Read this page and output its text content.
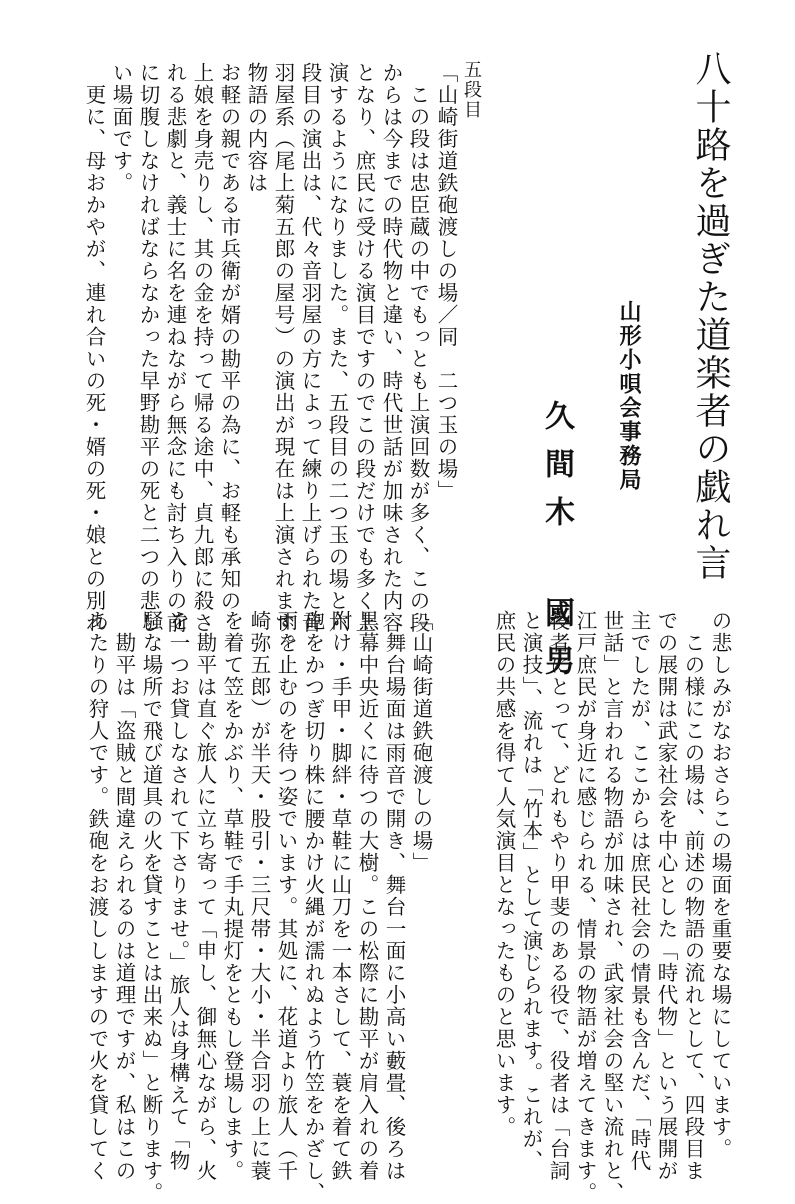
八十路を過ぎた道楽者の戯れ言
山形小唄会事務局
久間木 國男
五段目
「山崎街道鉄砲渡しの場／同　二つ玉の場」
　この段は忠臣蔵の中でもっとも上演回数が多く、この段
からは今までの時代物と違い、時代世話が加味された内容
となり、庶民に受ける演目ですのでこの段だけでも多く上
演するようになりました。また、五段目の二つ玉の場と六
段目の演出は、代々音羽屋の方によって練り上げられた音
羽屋系（尾上菊五郎の屋号）の演出が現在は上演されます。
物語の内容は
お軽の親である市兵衛が婿の勘平の為に、お軽も承知の
上娘を身売りし、其の金を持って帰る途中、貞九郎に殺さ
れる悲劇と、義士に名を連ねながら無念にも討ち入りの前
に切腹しなければならなかった早野勘平の死と二つの悲し
い場面です。
　更に、母おかやが、連れ合いの死・婿の死・娘との別れ
の悲しみがなおさらこの場面を重要な場にしています。
　この様にこの場は、前述の物語の流れとして、四段目ま
での展開は武家社会を中心とした「時代物」という展開が
主でしたが、ここからは庶民社会の情景も含んだ、「時代
世話」と言われる物語が加味され、武家社会の堅い流れと、
江戸庶民が身近に感じられる、情景の物語が増えてきます。
役者にとって、どれもやり甲斐のある役で、役者は「台詞
と演技」、流れは「竹本」として演じられます。これが、
庶民の共感を得て人気演目となったものと思います。
「山崎街道鉄砲渡しの場」
　舞台場面は雨音で開き、舞台一面に小高い藪畳、後ろは
黒幕中央近くに待つの大樹。この松際に勘平が肩入れの着
附け・手甲・脚絆・草鞋に山刀を一本さして、蓑を着て鉄
砲をかつぎ切り株に腰かけ火縄が濡れぬよう竹笠をかざし、
雨を止むのを待つ姿でいます。其処に、花道より旅人（千
崎弥五郎）が半天・股引・三尺帯・大小・半合羽の上に蓑
を着て笠をかぶり、草鞋で手丸提灯をともし登場します。
　勘平は直ぐ旅人に立ち寄って「申し、御無心ながら、火
を一つお貸しなされて下さりませ。」旅人は身構えて「物
騒な場所で飛び道具の火を貸すことは出来ぬ」と断ります。
　勘平は「盗賊と間違えられるのは道理ですが、私はこの
あたりの狩人です。鉄砲をお渡ししますので火を貸してく
